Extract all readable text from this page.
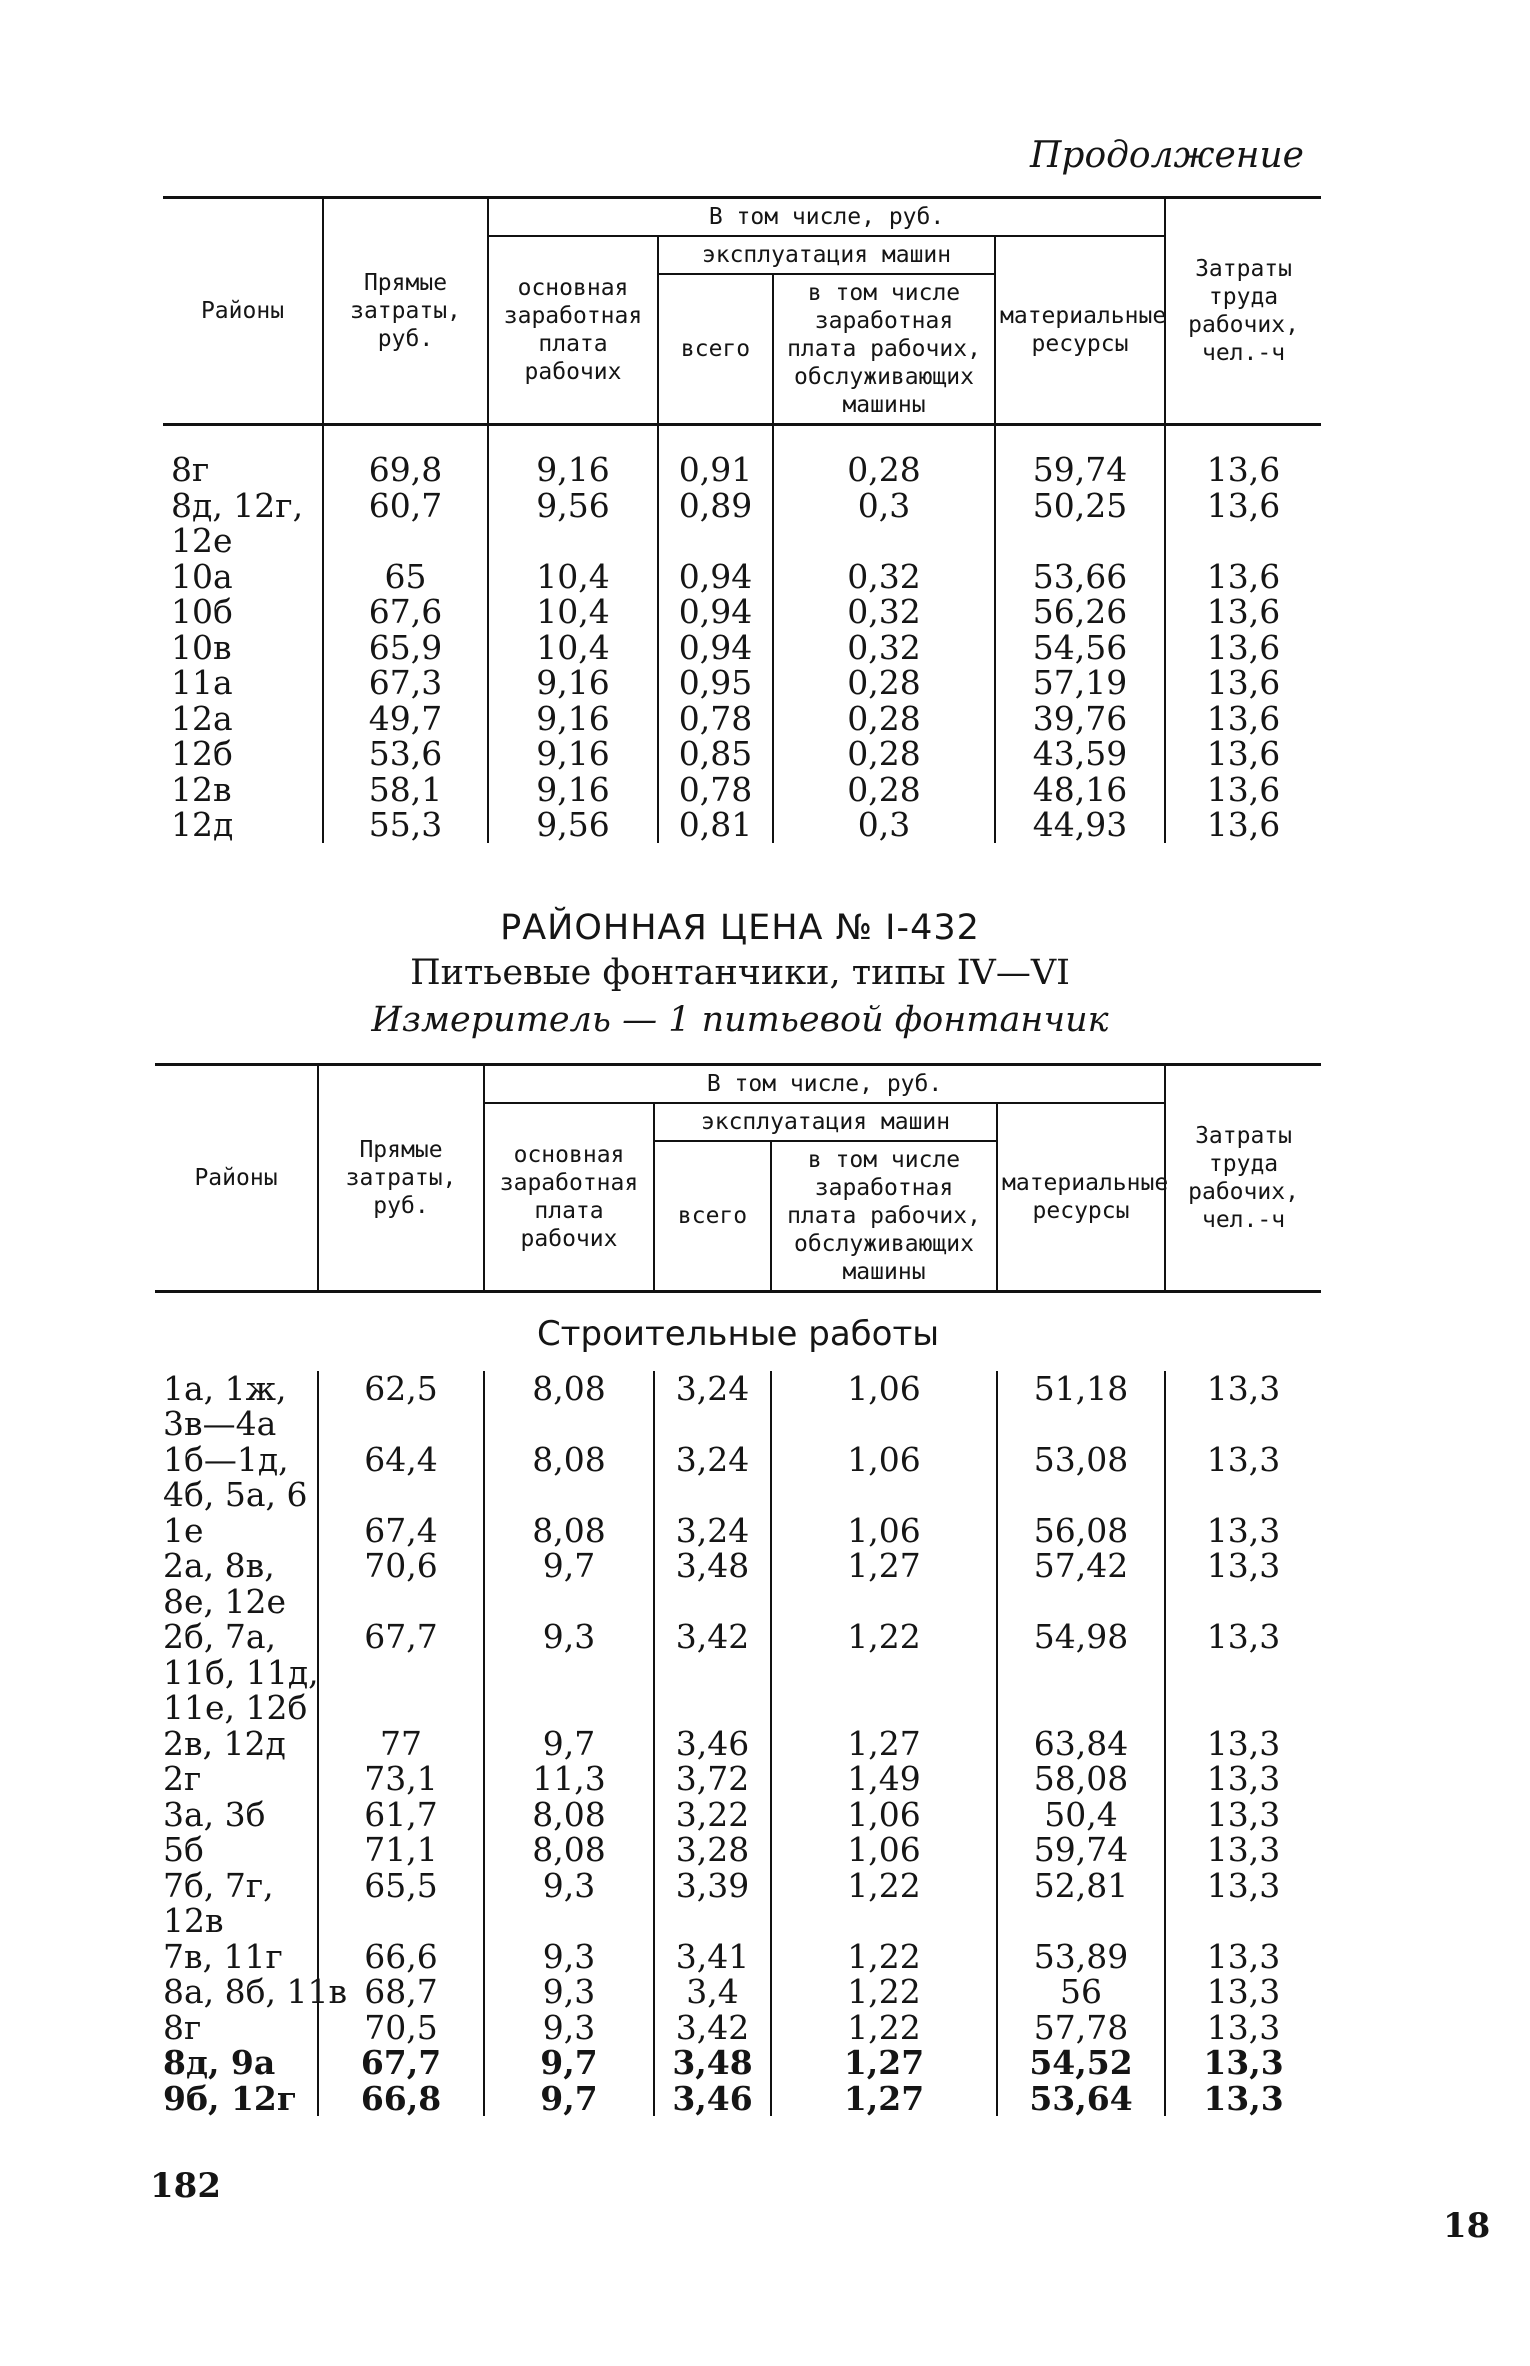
Продолжение
Районы	Прямые затраты, руб.	В том числе, руб.				Затраты труда рабочих, чел.-ч
		основная заработная плата рабочих	эксплуатация машин		материальные ресурсы	
			всего	в том числе заработная плата рабочих, обслуживающих машины		

8г	69,8	9,16	0,91	0,28	59,74	13,6
8д, 12г,
12е	60,7	9,56	0,89	0,3	50,25	13,6
10а	65	10,4	0,94	0,32	53,66	13,6
10б	67,6	10,4	0,94	0,32	56,26	13,6
10в	65,9	10,4	0,94	0,32	54,56	13,6
11а	67,3	9,16	0,95	0,28	57,19	13,6
12а	49,7	9,16	0,78	0,28	39,76	13,6
12б	53,6	9,16	0,85	0,28	43,59	13,6
12в	58,1	9,16	0,78	0,28	48,16	13,6
12д	55,3	9,56	0,81	0,3	44,93	13,6
РАЙОННАЯ ЦЕНА № I-432
Питьевые фонтанчики, типы IV—VI
Измеритель — 1 питьевой фонтанчик
Районы	Прямые затраты, руб.	В том числе, руб.				Затраты труда рабочих, чел.-ч
		основная заработная плата рабочих	эксплуатация машин		материальные ресурсы	
			всего	в том числе заработная плата рабочих, обслуживающих машины		
Строительные работы						
1а, 1ж,
3в—4а	62,5	8,08	3,24	1,06	51,18	13,3
1б—1д,
4б, 5а, 6	64,4	8,08	3,24	1,06	53,08	13,3
1е	67,4	8,08	3,24	1,06	56,08	13,3
2а, 8в,
8е, 12е	70,6	9,7	3,48	1,27	57,42	13,3
2б, 7а,
11б, 11д,
11е, 12б	67,7	9,3	3,42	1,22	54,98	13,3
2в, 12д	77	9,7	3,46	1,27	63,84	13,3
2г	73,1	11,3	3,72	1,49	58,08	13,3
3а, 3б	61,7	8,08	3,22	1,06	50,4	13,3
5б	71,1	8,08	3,28	1,06	59,74	13,3
7б, 7г,
12в	65,5	9,3	3,39	1,22	52,81	13,3
7в, 11г	66,6	9,3	3,41	1,22	53,89	13,3
8а, 8б, 11в	68,7	9,3	3,4	1,22	56	13,3
8г	70,5	9,3	3,42	1,22	57,78	13,3
8д, 9а	67,7	9,7	3,48	1,27	54,52	13,3
9б, 12г	66,8	9,7	3,46	1,27	53,64	13,3
182
18
